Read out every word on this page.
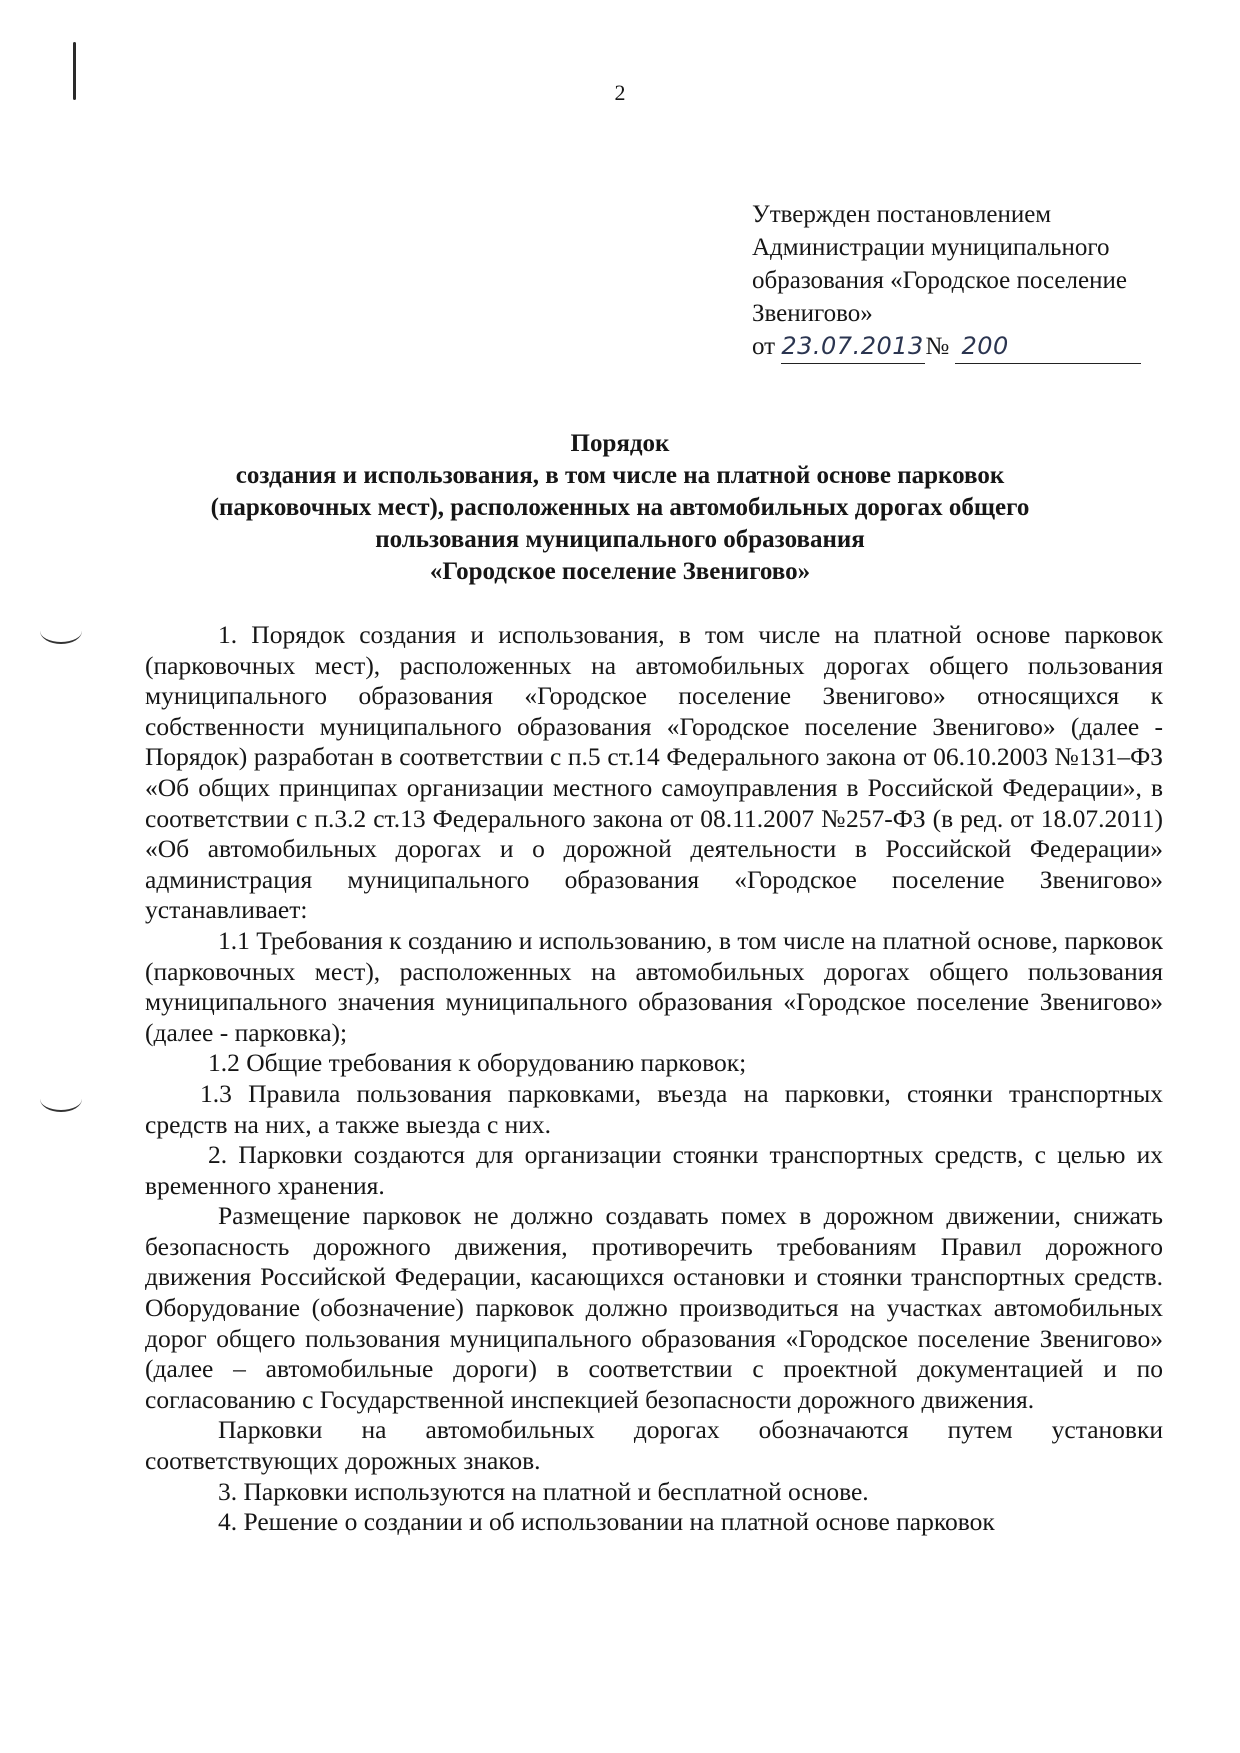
2
Утвержден постановлением
Администрации муниципального
образования «Городское поселение
Звенигово»
от 23.07.2013№ 200
Порядок
создания и использования, в том числе на платной основе парковок
(парковочных мест), расположенных на автомобильных дорогах общего
пользования муниципального образования
«Городское поселение Звенигово»

1. Порядок создания и использования, в том числе на платной основе парковок (парковочных мест), расположенных на автомобильных дорогах общего пользования муниципального образования «Городское поселение Звенигово» относящихся к собственности муниципального образования «Городское поселение Звенигово» (далее - Порядок) разработан в соответствии с п.5 ст.14 Федерального закона от 06.10.2003 №131–ФЗ «Об общих принципах организации местного самоуправления в Российской Федерации», в соответствии с п.3.2 ст.13 Федерального закона от 08.11.2007 №257-ФЗ (в ред. от 18.07.2011) «Об автомобильных дорогах и о дорожной деятельности в Российской Федерации» администрация муниципального образования «Городское поселение Звенигово» устанавливает:

1.1 Требования к созданию и использованию, в том числе на платной основе, парковок (парковочных мест), расположенных на автомобильных дорогах общего пользования муниципального значения муниципального образования «Городское поселение Звенигово» (далее - парковка);

1.2 Общие требования к оборудованию парковок;

1.3 Правила пользования парковками, въезда на парковки, стоянки транспортных средств на них, а также выезда с них.

2. Парковки создаются для организации стоянки транспортных средств, с целью их временного хранения.

Размещение парковок не должно создавать помех в дорожном движении, снижать безопасность дорожного движения, противоречить требованиям Правил дорожного движения Российской Федерации, касающихся остановки и стоянки транспортных средств. Оборудование (обозначение) парковок должно производиться на участках автомобильных дорог общего пользования муниципального образования «Городское поселение Звенигово» (далее – автомобильные дороги) в соответствии с проектной документацией и по согласованию с Государственной инспекцией безопасности дорожного движения.

Парковки на автомобильных дорогах обозначаются путем установки соответствующих дорожных знаков.

3. Парковки используются на платной и бесплатной основе.

4. Решение о создании и об использовании на платной основе парковок
